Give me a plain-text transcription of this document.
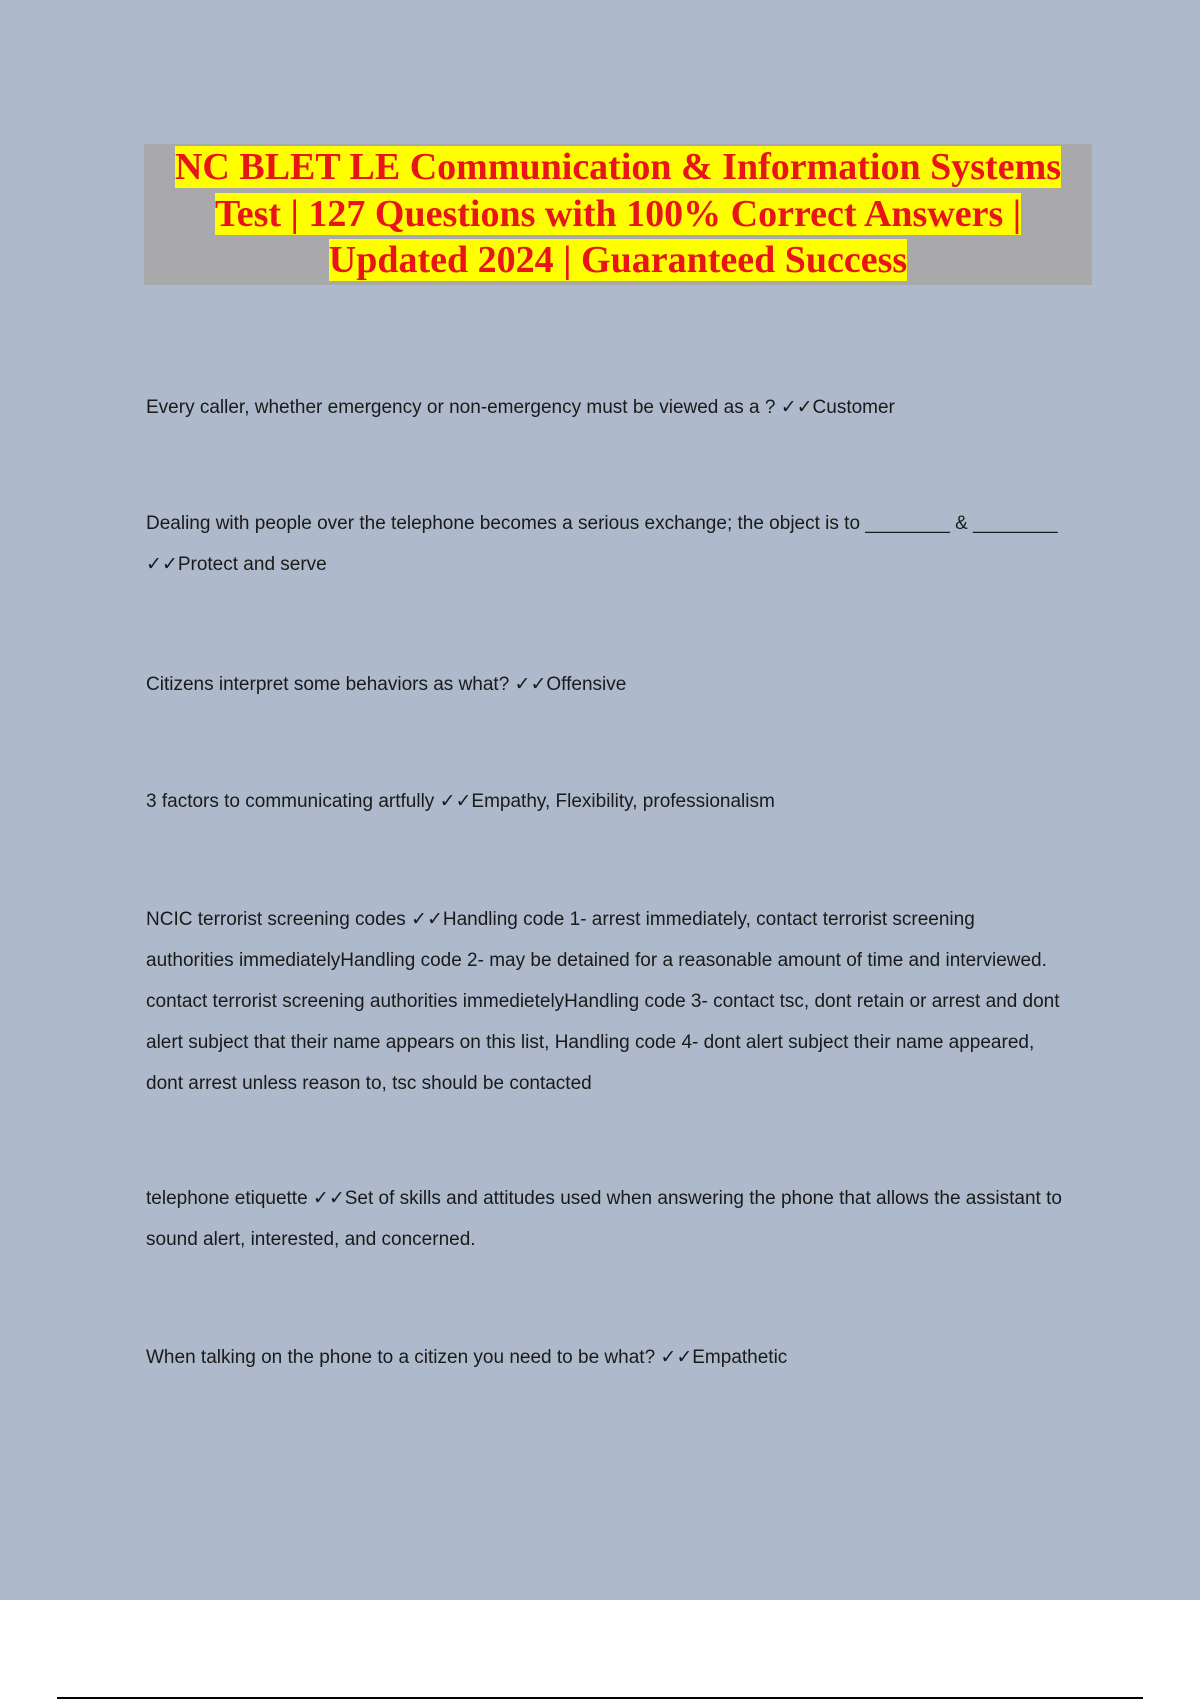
NC BLET LE Communication & Information Systems
Test | 127 Questions with 100% Correct Answers |
Updated 2024 | Guaranteed Success

Every caller, whether emergency or non-emergency must be viewed as a ? ✓✓Customer

Dealing with people over the telephone becomes a serious exchange; the object is to ________ & ________ ✓✓Protect and serve

Citizens interpret some behaviors as what? ✓✓Offensive

3 factors to communicating artfully ✓✓Empathy, Flexibility, professionalism

NCIC terrorist screening codes ✓✓Handling code 1- arrest immediately, contact terrorist screening authorities immediatelyHandling code 2- may be detained for a reasonable amount of time and interviewed. contact terrorist screening authorities immedietelyHandling code 3- contact tsc, dont retain or arrest and dont alert subject that their name appears on this list, Handling code 4- dont alert subject their name appeared, dont arrest unless reason to, tsc should be contacted

telephone etiquette ✓✓Set of skills and attitudes used when answering the phone that allows the assistant to sound alert, interested, and concerned.

When talking on the phone to a citizen you need to be what? ✓✓Empathetic
